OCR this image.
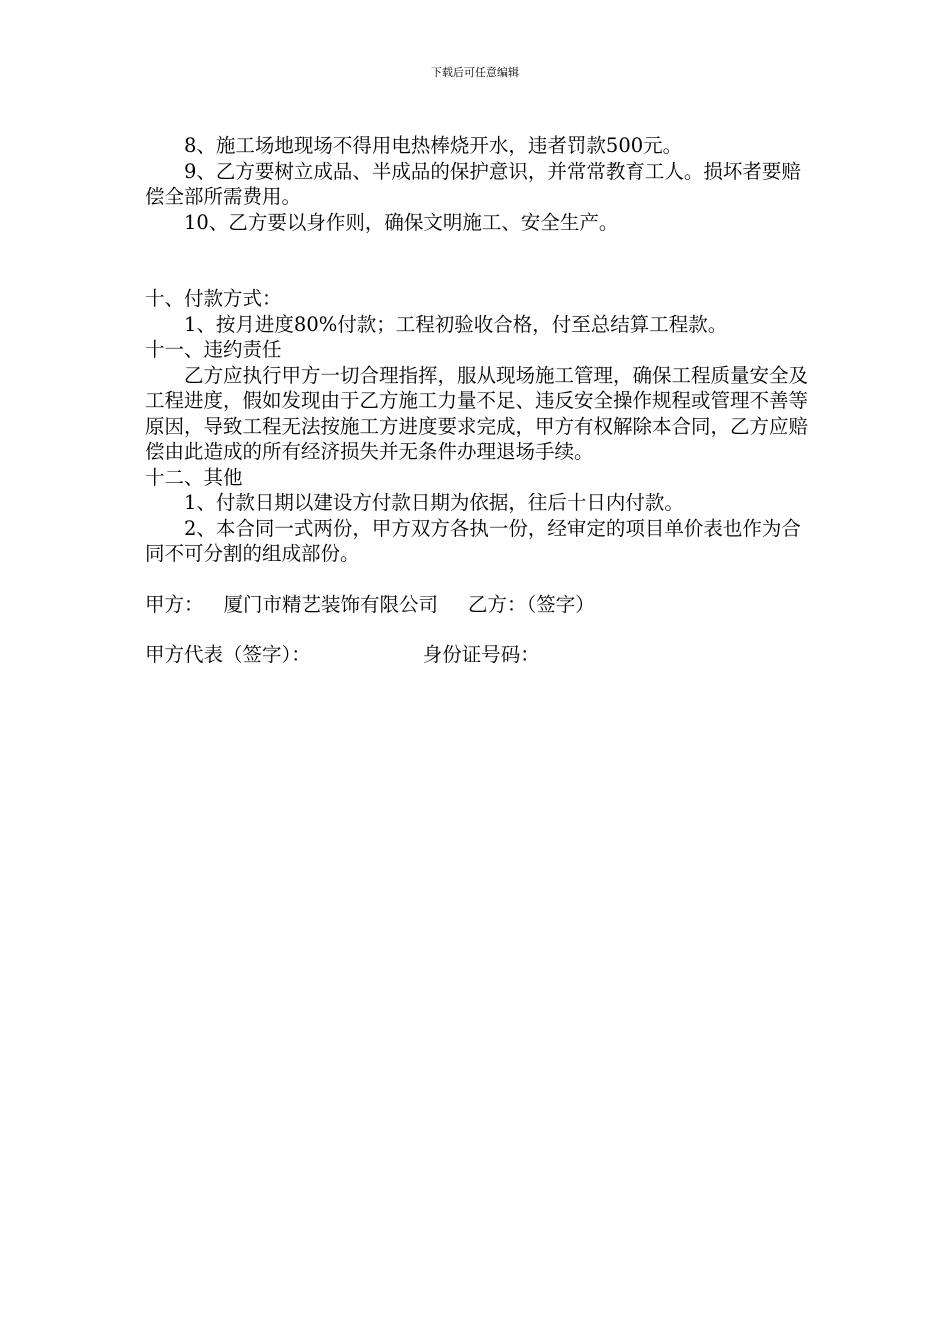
下载后可任意编辑

8、施工场地现场不得用电热棒烧开水，违者罚款500元。

9、乙方要树立成品、半成品的保护意识，并常常教育工人。损坏者要赔偿全部所需费用。

10、乙方要以身作则，确保文明施工、安全生产。

十、付款方式：

1、按月进度80%付款；工程初验收合格，付至总结算工程款。

十一、违约责任

乙方应执行甲方一切合理指挥，服从现场施工管理，确保工程质量安全及工程进度，假如发现由于乙方施工力量不足、违反安全操作规程或管理不善等原因，导致工程无法按施工方进度要求完成，甲方有权解除本合同，乙方应赔偿由此造成的所有经济损失并无条件办理退场手续。

十二、其他

1、付款日期以建设方付款日期为依据，往后十日内付款。

2、本合同一式两份，甲方双方各执一份，经审定的项目单价表也作为合同不可分割的组成部份。

甲方： 厦门市精艺装饰有限公司 乙方：（签字）

甲方代表（签字）：	身份证号码：
